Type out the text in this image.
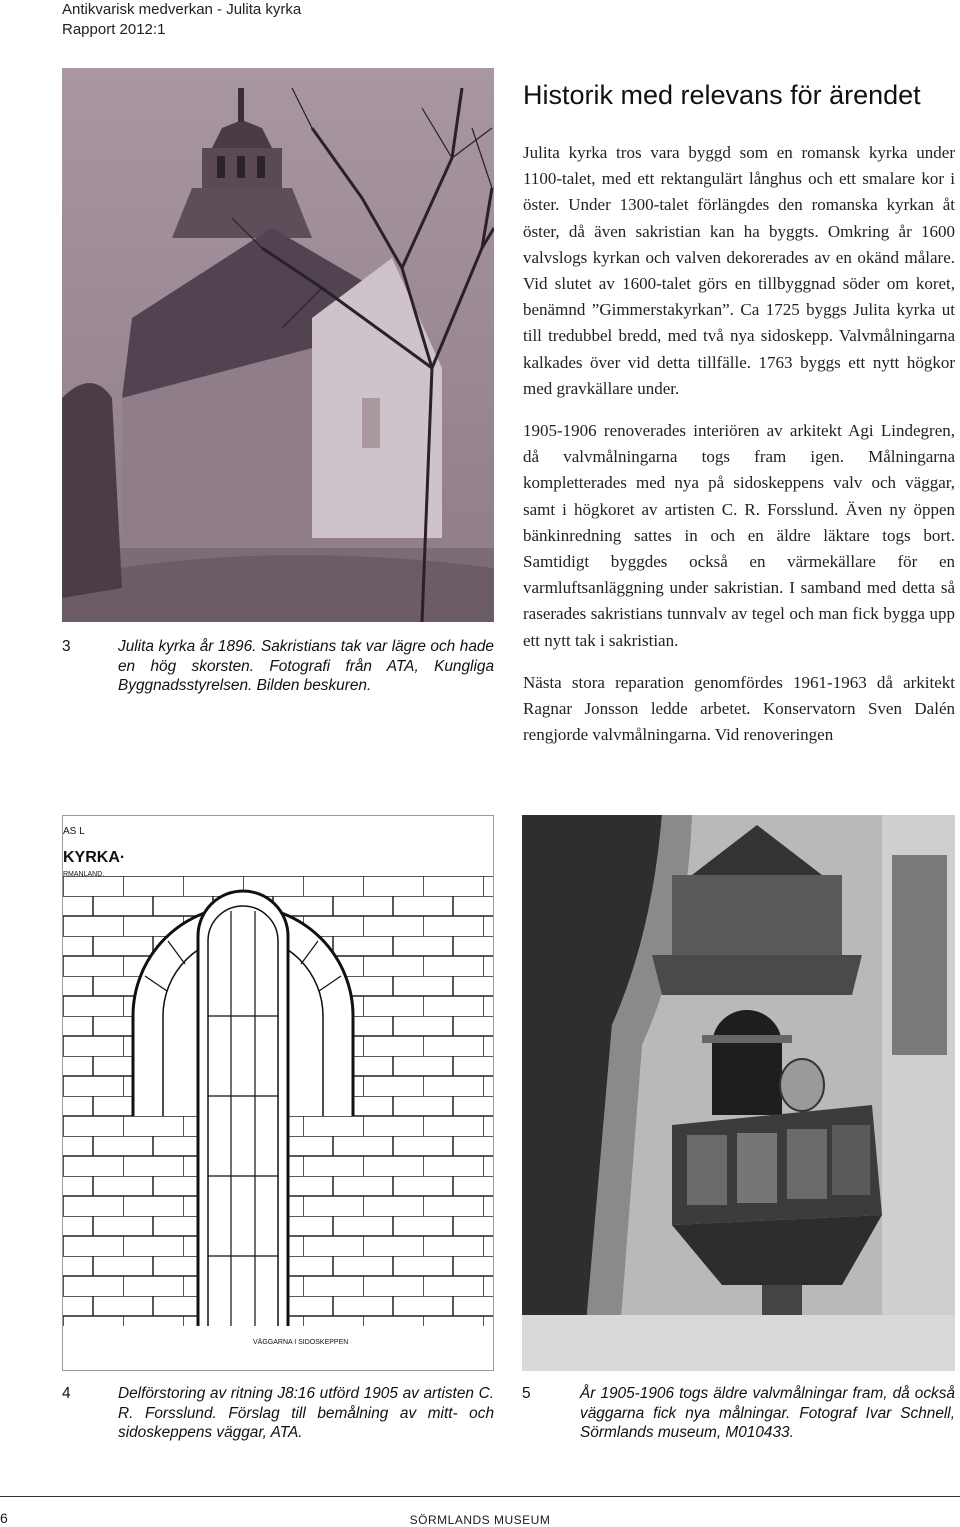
Antikvarisk medverkan - Julita kyrka
Rapport 2012:1
3	Julita kyrka år 1896. Sakristians tak var lägre och hade en hög skorsten. Fotografi från ATA, Kungliga Byggnadsstyrelsen. Bilden beskuren.
Historik med relevans för ärendet

Julita kyrka tros vara byggd som en romansk kyrka under 1100-talet, med ett rektangulärt långhus och ett smalare kor i öster. Under 1300-talet förlängdes den romanska kyrkan åt öster, då även sakristian kan ha byggts. Omkring år 1600 valvslogs kyrkan och valven dekorerades av en okänd målare. Vid slutet av 1600-talet görs en tillbyggnad söder om koret, benämnd ”Gimmerstakyrkan”. Ca 1725 byggs Julita kyrka ut till tredubbel bredd, med två nya sidoskepp. Valvmålningarna kalkades över vid detta tillfälle. 1763 byggs ett nytt högkor med gravkällare under.

1905-1906 renoverades interiören av arkitekt Agi Lindegren, då valvmålningarna togs fram igen. Målningarna kompletterades med nya på sidoskeppens valv och väggar, samt i högkoret av artisten C. R. Forsslund. Även ny öppen bänkinredning sattes in och en äldre läktare togs bort. Samtidigt byggdes också en värmekällare för en varmluftsanläggning under sakristian. I samband med detta så raserades sakristians tunnvalv av tegel och man fick bygga upp ett nytt tak i sakristian.

Nästa stora reparation genomfördes 1961-1963 då arkitekt Ragnar Jonsson ledde arbetet. Konservatorn Sven Dalén rengjorde valvmålningarna. Vid renoveringen

AS L
KYRKA·
RMANLAND.
VÄGGARNA I SIDOSKEPPEN
4	Delförstoring av ritning J8:16 utförd 1905 av artisten C. R. Forsslund. Förslag till bemålning av mitt- och sidoskeppens väggar, ATA.
5	År 1905-1906 togs äldre valvmålningar fram, då också väggarna fick nya målningar. Fotograf Ivar Schnell, Sörmlands museum, M010433.
6	SÖRMLANDS MUSEUM
